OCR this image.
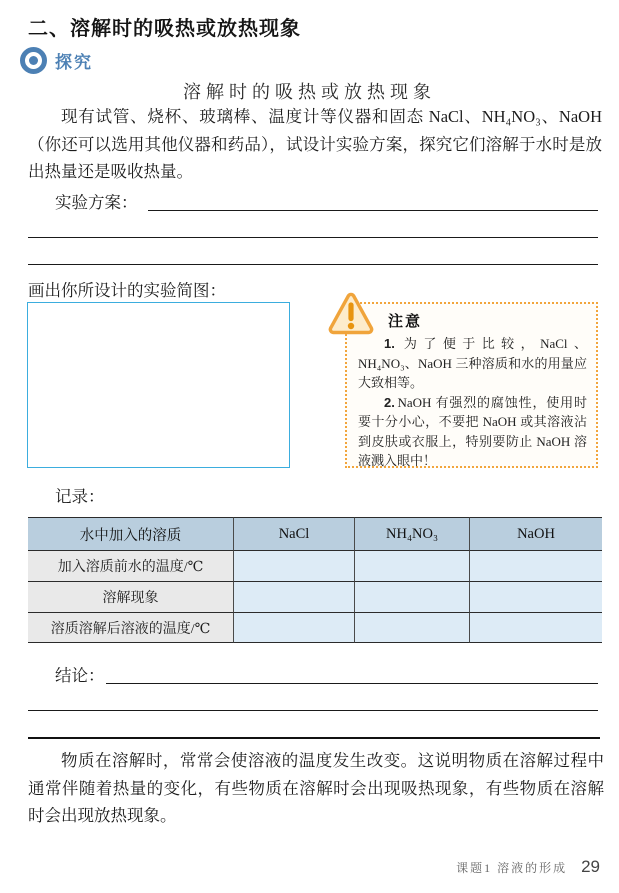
二、溶解时的吸热或放热现象
探究
溶解时的吸热或放热现象

现有试管、烧杯、玻璃棒、温度计等仪器和固态 NaCl、NH₄NO₃、NaOH（你还可以选用其他仪器和药品），试设计实验方案，探究它们溶解于水时是放出热量还是吸收热量。

实验方案：
画出你所设计的实验简图：

注意

1.  为了便于比较，NaCl、NH₄NO₃、NaOH 三种溶质和水的用量应大致相等。

2.  NaOH 有强烈的腐蚀性，使用时要十分小心，不要把 NaOH 或其溶液沾到皮肤或衣服上，特别要防止 NaOH 溶液溅入眼中！

记录：
水中加入的溶质	NaCl	NH₄NO₃	NaOH
加入溶质前水的温度/℃
溶解现象
溶质溶解后溶液的温度/℃
结论：

物质在溶解时，常常会使溶液的温度发生改变。这说明物质在溶解过程中通常伴随着热量的变化，有些物质在溶解时会出现吸热现象，有些物质在溶解时会出现放热现象。

课题1 溶液的形成 29
